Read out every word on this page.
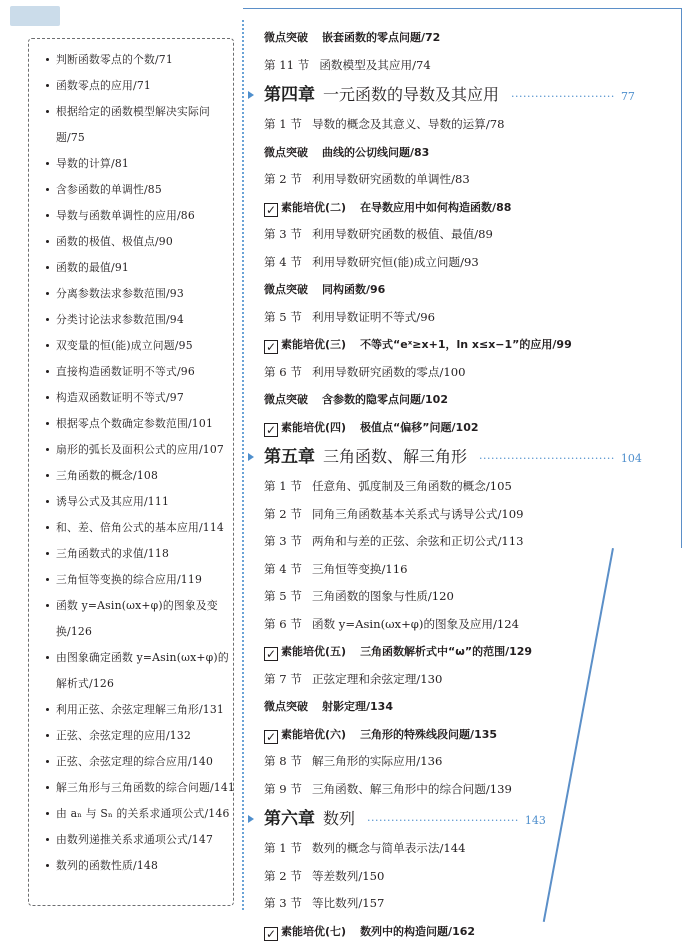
判断函数零点的个数/71
函数零点的应用/71
根据给定的函数模型解决实际问题/75
导数的计算/81
含参函数的单调性/85
导数与函数单调性的应用/86
函数的极值、极值点/90
函数的最值/91
分离参数法求参数范围/93
分类讨论法求参数范围/94
双变量的恒(能)成立问题/95
直接构造函数证明不等式/96
构造双函数证明不等式/97
根据零点个数确定参数范围/101
扇形的弧长及面积公式的应用/107
三角函数的概念/108
诱导公式及其应用/111
和、差、倍角公式的基本应用/114
三角函数式的求值/118
三角恒等变换的综合应用/119
函数 y=Asin(ωx+φ)的图象及变换/126
由图象确定函数 y=Asin(ωx+φ)的解析式/126
利用正弦、余弦定理解三角形/131
正弦、余弦定理的应用/132
正弦、余弦定理的综合应用/140
解三角形与三角函数的综合问题/141
由 aₙ 与 Sₙ 的关系求通项公式/146
由数列递推关系求通项公式/147
数列的函数性质/148
微点突破 嵌套函数的零点问题/72
第 11 节 函数模型及其应用/74
第四章 一元函数的导数及其应用 ·························· 77
第 1 节 导数的概念及其意义、导数的运算/78
微点突破 曲线的公切线问题/83
第 2 节 利用导数研究函数的单调性/83
✓ 素能培优(二) 在导数应用中如何构造函数/88
第 3 节 利用导数研究函数的极值、最值/89
第 4 节 利用导数研究恒(能)成立问题/93
微点突破 同构函数/96
第 5 节 利用导数证明不等式/96
✓ 素能培优(三) 不等式“eˣ≥x+1，ln x≤x−1”的应用/99
第 6 节 利用导数研究函数的零点/100
微点突破 含参数的隐零点问题/102
✓ 素能培优(四) 极值点“偏移”问题/102
第五章 三角函数、解三角形 ·································· 104
第 1 节 任意角、弧度制及三角函数的概念/105
第 2 节 同角三角函数基本关系式与诱导公式/109
第 3 节 两角和与差的正弦、余弦和正切公式/113
第 4 节 三角恒等变换/116
第 5 节 三角函数的图象与性质/120
第 6 节 函数 y=Asin(ωx+φ)的图象及应用/124
✓ 素能培优(五) 三角函数解析式中“ω”的范围/129
第 7 节 正弦定理和余弦定理/130
微点突破 射影定理/134
✓ 素能培优(六) 三角形的特殊线段问题/135
第 8 节 解三角形的实际应用/136
第 9 节 三角函数、解三角形中的综合问题/139
第六章 数列 ······································ 143
第 1 节 数列的概念与简单表示法/144
第 2 节 等差数列/150
第 3 节 等比数列/157
✓ 素能培优(七) 数列中的构造问题/162
